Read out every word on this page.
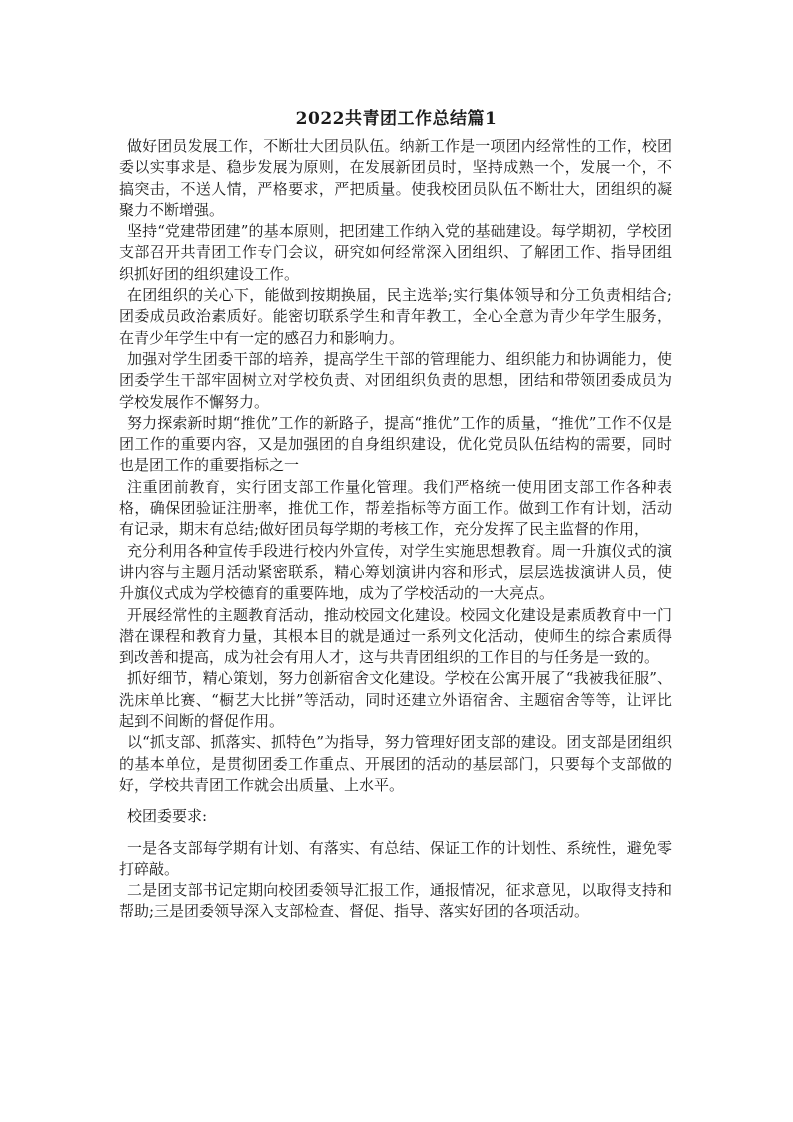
2022共青团工作总结篇1

做好团员发展工作，不断壮大团员队伍。纳新工作是一项团内经常性的工作，校团委以实事求是、稳步发展为原则，在发展新团员时，坚持成熟一个，发展一个，不搞突击，不送人情，严格要求，严把质量。使我校团员队伍不断壮大，团组织的凝聚力不断增强。

坚持“党建带团建”的基本原则，把团建工作纳入党的基础建设。每学期初，学校团支部召开共青团工作专门会议，研究如何经常深入团组织、了解团工作、指导团组织抓好团的组织建设工作。

在团组织的关心下，能做到按期换届，民主选举;实行集体领导和分工负责相结合;团委成员政治素质好。能密切联系学生和青年教工，全心全意为青少年学生服务，在青少年学生中有一定的感召力和影响力。

加强对学生团委干部的培养，提高学生干部的管理能力、组织能力和协调能力，使团委学生干部牢固树立对学校负责、对团组织负责的思想，团结和带领团委成员为学校发展作不懈努力。

努力探索新时期“推优”工作的新路子，提高“推优”工作的质量，“推优”工作不仅是团工作的重要内容，又是加强团的自身组织建设，优化党员队伍结构的需要，同时也是团工作的重要指标之一

注重团前教育，实行团支部工作量化管理。我们严格统一使用团支部工作各种表格，确保团验证注册率，推优工作，帮差指标等方面工作。做到工作有计划，活动有记录，期末有总结;做好团员每学期的考核工作，充分发挥了民主监督的作用，

充分利用各种宣传手段进行校内外宣传，对学生实施思想教育。周一升旗仪式的演讲内容与主题月活动紧密联系，精心筹划演讲内容和形式，层层选拔演讲人员，使升旗仪式成为学校德育的重要阵地，成为了学校活动的一大亮点。

开展经常性的主题教育活动，推动校园文化建设。校园文化建设是素质教育中一门潜在课程和教育力量，其根本目的就是通过一系列文化活动，使师生的综合素质得到改善和提高，成为社会有用人才，这与共青团组织的工作目的与任务是一致的。

抓好细节，精心策划，努力创新宿舍文化建设。学校在公寓开展了“我被我征服”、洗床单比赛、“橱艺大比拼”等活动，同时还建立外语宿舍、主题宿舍等等，让评比起到不间断的督促作用。

以“抓支部、抓落实、抓特色”为指导，努力管理好团支部的建设。团支部是团组织的基本单位，是贯彻团委工作重点、开展团的活动的基层部门，只要每个支部做的好，学校共青团工作就会出质量、上水平。

校团委要求:

一是各支部每学期有计划、有落实、有总结、保证工作的计划性、系统性，避免零打碎敲。

二是团支部书记定期向校团委领导汇报工作，通报情况，征求意见，以取得支持和帮助;三是团委领导深入支部检查、督促、指导、落实好团的各项活动。
